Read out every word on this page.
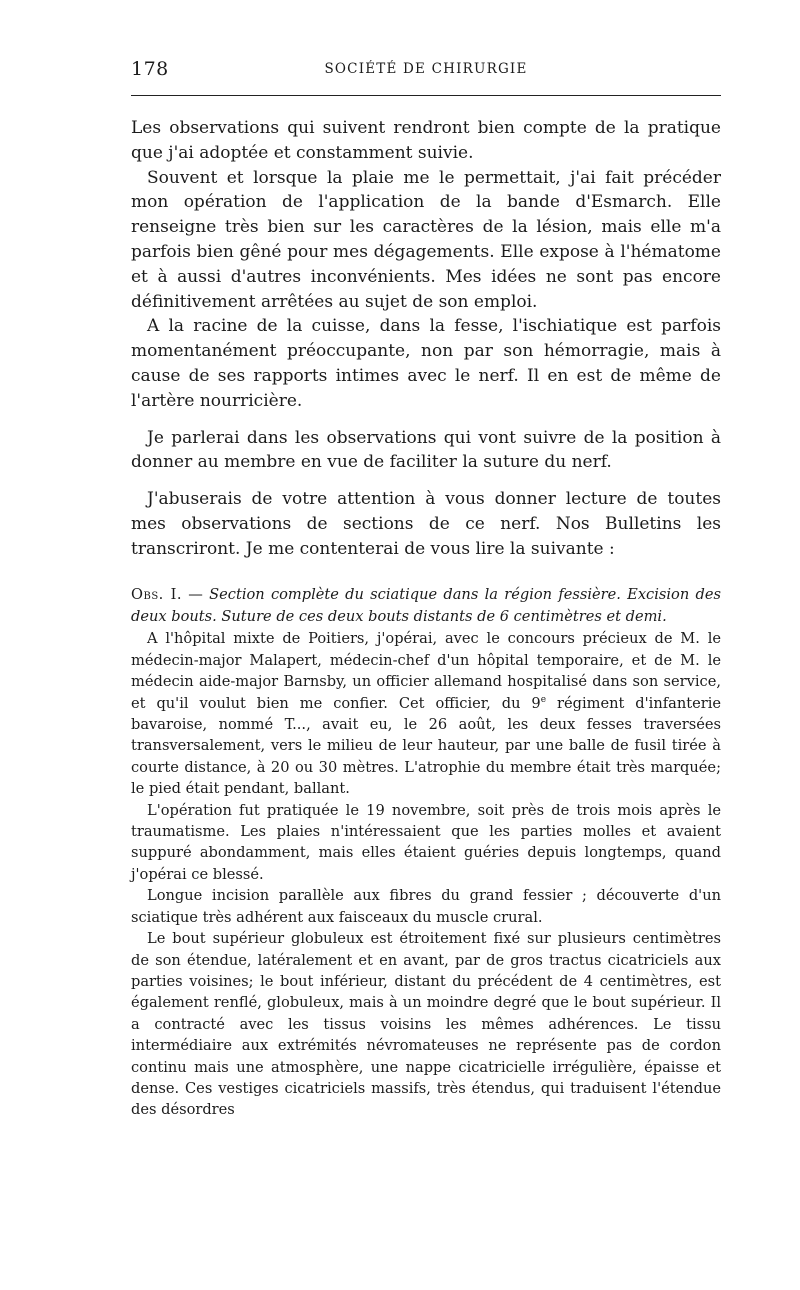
178	SOCIÉTÉ DE CHIRURGIE

Les observations qui suivent rendront bien compte de la pratique que j'ai adoptée et constamment suivie.

Souvent et lorsque la plaie me le permettait, j'ai fait précéder mon opération de l'application de la bande d'Esmarch. Elle renseigne très bien sur les caractères de la lésion, mais elle m'a parfois bien gêné pour mes dégagements. Elle expose à l'hématome et à aussi d'autres inconvénients. Mes idées ne sont pas encore définitivement arrêtées au sujet de son emploi.

A la racine de la cuisse, dans la fesse, l'ischiatique est parfois momentanément préoccupante, non par son hémorragie, mais à cause de ses rapports intimes avec le nerf. Il en est de même de l'artère nourricière.

Je parlerai dans les observations qui vont suivre de la position à donner au membre en vue de faciliter la suture du nerf.

J'abuserais de votre attention à vous donner lecture de toutes mes observations de sections de ce nerf. Nos Bulletins les transcriront. Je me contenterai de vous lire la suivante :

Obs. I. — Section complète du sciatique dans la région fessière. Excision des deux bouts. Suture de ces deux bouts distants de 6 centimètres et demi.

A l'hôpital mixte de Poitiers, j'opérai, avec le concours précieux de M. le médecin-major Malapert, médecin-chef d'un hôpital temporaire, et de M. le médecin aide-major Barnsby, un officier allemand hospitalisé dans son service, et qu'il voulut bien me confier. Cet officier, du 9e régiment d'infanterie bavaroise, nommé T..., avait eu, le 26 août, les deux fesses traversées transversalement, vers le milieu de leur hauteur, par une balle de fusil tirée à courte distance, à 20 ou 30 mètres. L'atrophie du membre était très marquée; le pied était pendant, ballant.

L'opération fut pratiquée le 19 novembre, soit près de trois mois après le traumatisme. Les plaies n'intéressaient que les parties molles et avaient suppuré abondamment, mais elles étaient guéries depuis longtemps, quand j'opérai ce blessé.

Longue incision parallèle aux fibres du grand fessier ; découverte d'un sciatique très adhérent aux faisceaux du muscle crural.

Le bout supérieur globuleux est étroitement fixé sur plusieurs centimètres de son étendue, latéralement et en avant, par de gros tractus cicatriciels aux parties voisines; le bout inférieur, distant du précédent de 4 centimètres, est également renflé, globuleux, mais à un moindre degré que le bout supérieur. Il a contracté avec les tissus voisins les mêmes adhérences. Le tissu intermédiaire aux extrémités névromateuses ne représente pas de cordon continu mais une atmosphère, une nappe cicatricielle irrégulière, épaisse et dense. Ces vestiges cicatriciels massifs, très étendus, qui traduisent l'étendue des désordres
